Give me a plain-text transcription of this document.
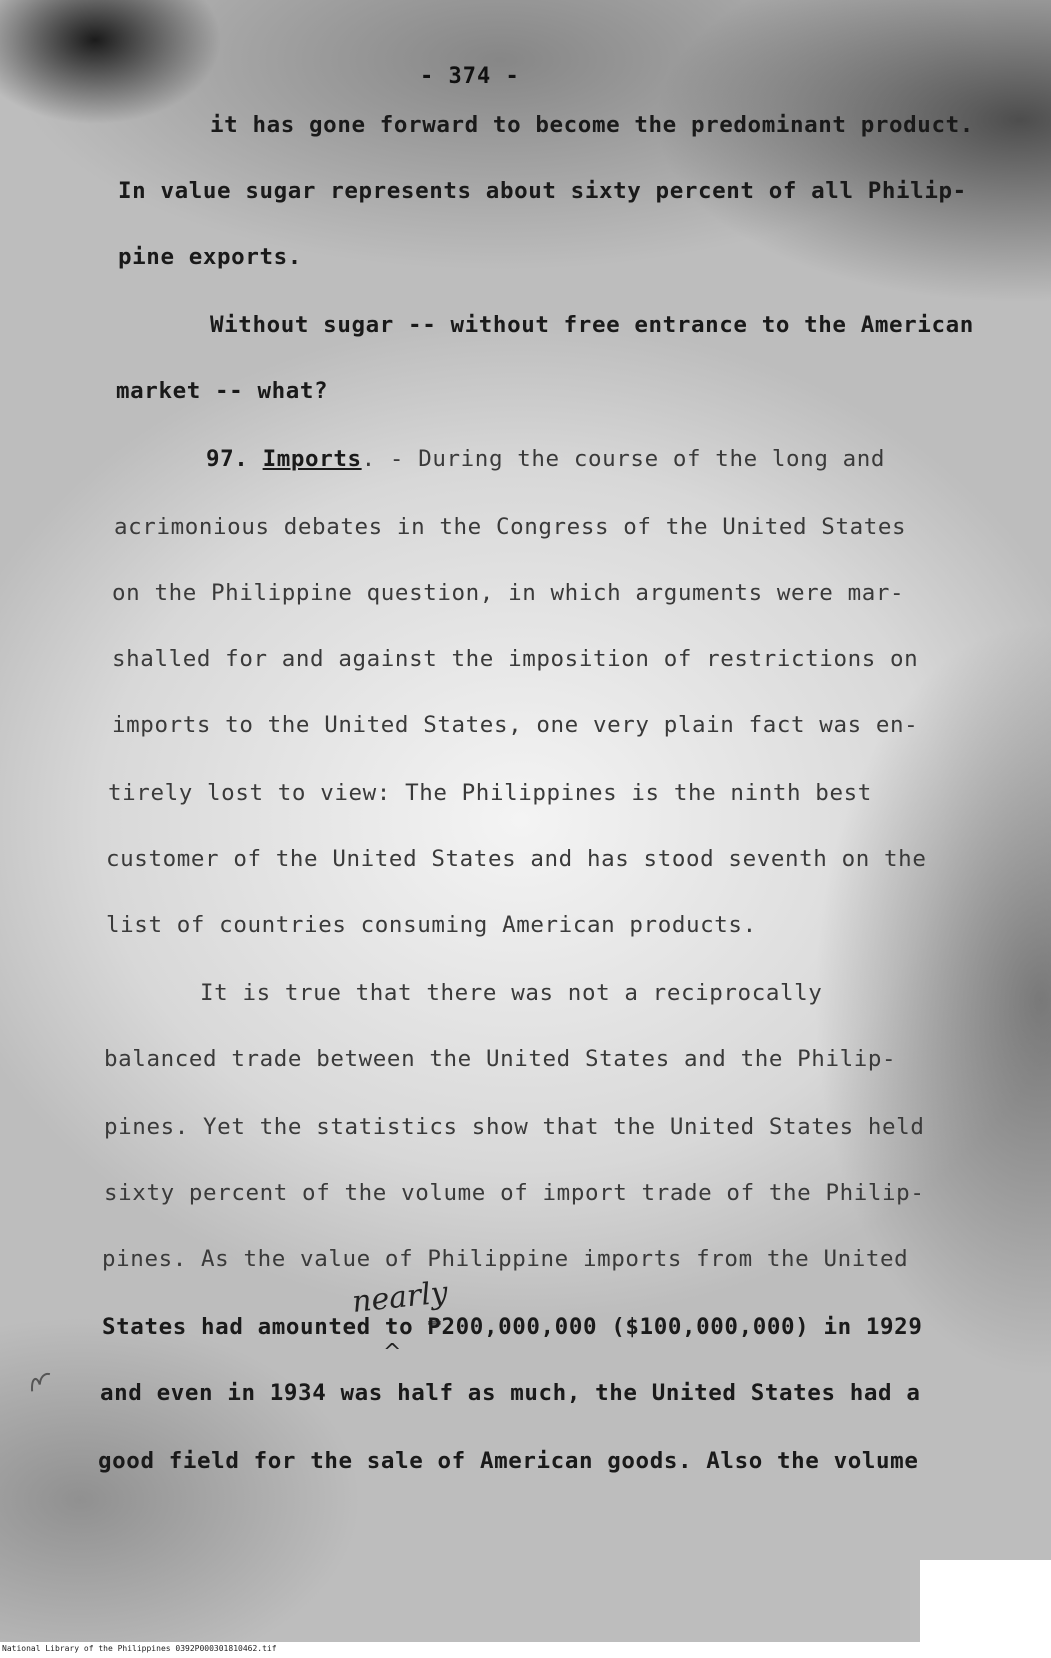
- 374 -
it has gone forward to become the predominant product.
In value sugar represents about sixty percent of all Philip-
pine exports.
Without sugar -- without free entrance to the American
market -- what?
97. Imports. - During the course of the long and
acrimonious debates in the Congress of the United States
on the Philippine question, in which arguments were mar-
shalled for and against the imposition of restrictions on
imports to the United States, one very plain fact was en-
tirely lost to view: The Philippines is the ninth best
customer of the United States and has stood seventh on the
list of countries consuming American products.
It is true that there was not a reciprocally
balanced trade between the United States and the Philip-
pines. Yet the statistics show that the United States held
sixty percent of the volume of import trade of the Philip-
pines. As the value of Philippine imports from the United
States had amounted to ₱200,000,000 ($100,000,000) in 1929
and even in 1934 was half as much, the United States had a
good field for the sale of American goods. Also the volume
nearly
^
National Library of the Philippines 0392P000301810462.tif
